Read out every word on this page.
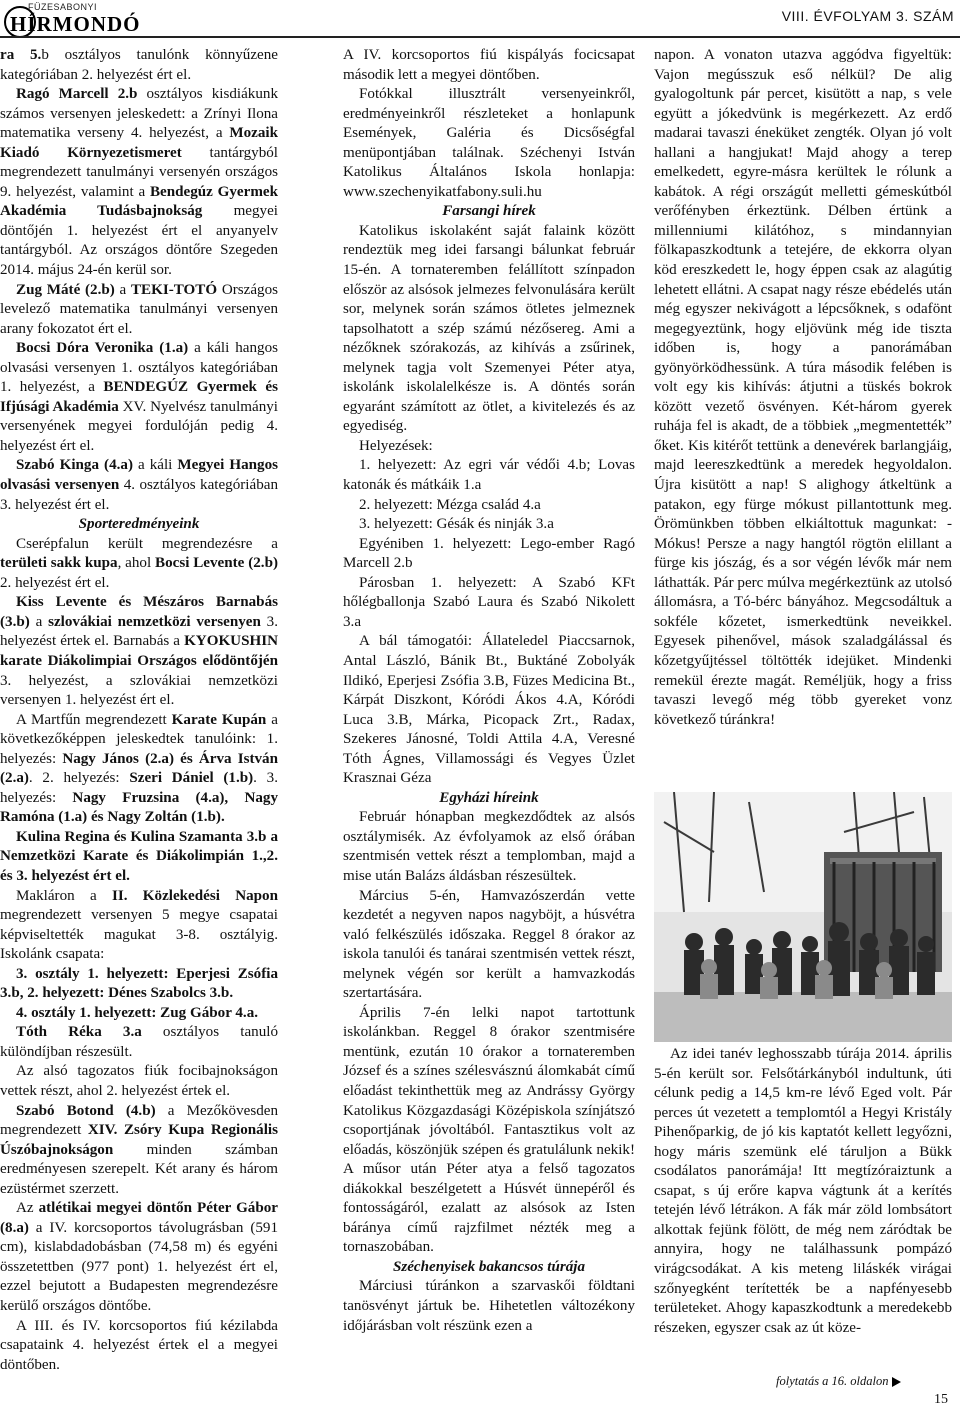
FÜZESABONYI
HÍRMONDÓ	VIII. ÉVFOLYAM 3. SZÁM

ra 5.b osztályos tanulónk könnyűzene kategóriában 2. helyezést ért el.

Ragó Marcell 2.b osztályos kisdiákunk számos versenyen jeleskedett: a Zrínyi Ilona matematika verseny 4. helyezést, a Mozaik Kiadó Környezetismeret tantárgyból megrendezett tanulmányi versenyén országos 9. helyezést, valamint a Bendegúz Gyermek Akadémia Tudásbajnokság megyei döntőjén 1. helyezést ért el anyanyelv tantárgyból. Az országos döntőre Szegeden 2014. május 24-én kerül sor.

Zug Máté (2.b) a TEKI-TOTÓ Országos levelező matematika tanulmányi versenyen arany fokozatot ért el.

Bocsi Dóra Veronika (1.a) a káli hangos olvasási versenyen 1. osztályos kategóriában 1. helyezést, a BENDEGÚZ Gyermek és Ifjúsági Akadémia XV. Nyelvész tanulmányi versenyének megyei fordulóján pedig 4. helyezést ért el.

Szabó Kinga (4.a) a káli Megyei Hangos olvasási versenyen 4. osztályos kategóriában 3. helyezést ért el.

Sporteredményeink

Cserépfalun került megrendezésre a területi sakk kupa, ahol Bocsi Levente (2.b) 2. helyezést ért el.

Kiss Levente és Mészáros Barnabás (3.b) a szlovákiai nemzetközi versenyen 3. helyezést értek el. Barnabás a KYOKUSHIN karate Diákolimpiai Országos elődöntőjén 3. helyezést, a szlovákiai nemzetközi versenyen 1. helyezést ért el.

A Martfűn megrendezett Karate Kupán a következőképpen jeleskedtek tanulóink: 1. helyezés: Nagy János (2.a) és Árva István (2.a). 2. helyezés: Szeri Dániel (1.b). 3. helyezés: Nagy Fruzsina (4.a), Nagy Ramóna (1.a) és Nagy Zoltán (1.b).

Kulina Regina és Kulina Szamanta 3.b a Nemzetközi Karate és Diákolimpián 1.,2. és 3. helyezést ért el.

Makláron a II. Közlekedési Napon megrendezett versenyen 5 megye csapatai képviseltették magukat 3-8. osztályig. Iskolánk csapata:

3. osztály 1. helyezett: Eperjesi Zsófia 3.b, 2. helyezett: Dénes Szabolcs 3.b.

4. osztály 1. helyezett: Zug Gábor 4.a.

Tóth Réka 3.a osztályos tanuló különdíjban részesült.

Az alsó tagozatos fiúk focibajnokságon vettek részt, ahol 2. helyezést értek el.

Szabó Botond (4.b) a Mezőkövesden megrendezett XIV. Zsóry Kupa Regionális Úszóbajnokságon minden számban eredményesen szerepelt. Két arany és három ezüstérmet szerzett.

Az atlétikai megyei döntőn Péter Gábor (8.a) a IV. korcsoportos távolugrásban (591 cm), kislabdadobásban (74,58 m) és egyéni összetettben (977 pont) 1. helyezést ért el, ezzel bejutott a Budapesten megrendezésre kerülő országos döntőbe.

A III. és IV. korcsoportos fiú kézilabda csapataink 4. helyezést értek el a megyei döntőben.

A IV. korcsoportos fiú kispályás focicsapat második lett a megyei döntőben.

Fotókkal illusztrált versenyeinkről, eredményeinkről részleteket a honlapunk Események, Galéria és Dicsőségfal menüpontjában találnak. Széchenyi István Katolikus Általános Iskola honlapja: www.szechenyikatfabony.suli.hu

Farsangi hírek

Katolikus iskolaként saját falaink között rendeztük meg idei farsangi bálunkat február 15-én. A tornateremben felállított színpadon először az alsósok jelmezes felvonulására került sor, melynek során számos ötletes jelmeznek tapsolhatott a szép számú nézősereg. Ami a nézőknek szórakozás, az kihívás a zsűrinek, melynek tagja volt Szemenyei Péter atya, iskolánk iskolalelkésze is. A döntés során egyaránt számított az ötlet, a kivitelezés és az egyediség.

Helyezések:

1. helyezett: Az egri vár védői 4.b; Lovas katonák és mátkáik 1.a

2. helyezett: Mézga család 4.a

3. helyezett: Gésák és ninják 3.a

Egyéniben 1. helyezett: Lego-ember Ragó Marcell 2.b

Párosban 1. helyezett: A Szabó KFt hőlégballonja Szabó Laura és Szabó Nikolett 3.a

A bál támogatói: Állateledel Piaccsarnok, Antal László, Bánik Bt., Buktáné Zobolyák Ildikó, Eperjesi Zsófia 3.B, Füzes Medicina Bt., Kárpát Diszkont, Kóródi Ákos 4.A, Kóródi Luca 3.B, Márka, Picopack Zrt., Radax, Szekeres Jánosné, Toldi Attila 4.A, Veresné Tóth Ágnes, Villamossági és Vegyes Üzlet Krasznai Géza

Egyházi híreink

Február hónapban megkezdődtek az alsós osztálymisék. Az évfolyamok az első órában szentmisén vettek részt a templomban, majd a mise után Balázs áldásban részesültek.

Március 5-én, Hamvazószerdán vette kezdetét a negyven napos nagyböjt, a húsvétra való felkészülés időszaka. Reggel 8 órakor az iskola tanulói és tanárai szentmisén vettek részt, melynek végén sor került a hamvazkodás szertartására.

Április 7-én lelki napot tartottunk iskolánkban. Reggel 8 órakor szentmisére mentünk, ezután 10 órakor a tornateremben József és a színes szélesvásznú álomkabát című előadást tekinthettük meg az Andrássy György Katolikus Közgazdasági Középiskola színjátszó csoportjának jóvoltából. Fantasztikus volt az előadás, köszönjük szépen és gratulálunk nekik! A műsor után Péter atya a felső tagozatos diákokkal beszélgetett a Húsvét ünnepéről és fontosságáról, ezalatt az alsósok az Isten báránya című rajzfilmet nézték meg a tornaszobában.

Széchenyisek bakancsos túrája

Márciusi túránkon a szarvaskői földtani tanösvényt jártuk be. Hihetetlen változékony időjárásban volt részünk ezen a

napon. A vonaton utazva aggódva figyeltük: Vajon megússzuk eső nélkül? De alig gyalogoltunk pár percet, kisütött a nap, s vele együtt a jókedvünk is megérkezett. Az erdő madarai tavaszi éneküket zengték. Olyan jó volt hallani a hangjukat! Majd ahogy a terep emelkedett, egyre-másra kerültek le rólunk a kabátok. A régi országút melletti gémeskútból verőfényben érkeztünk. Délben értünk a millenniumi kilátóhoz, s mindannyian fölkapaszkodtunk a tetejére, de ekkorra olyan köd ereszkedett le, hogy éppen csak az alagútig lehetett ellátni. A csapat nagy része ebédelés után még egyszer nekivágott a lépcsőknek, s odafönt megegyeztünk, hogy eljövünk még ide tiszta időben is, hogy a panorámában gyönyörködhessünk. A túra második felében is volt egy kis kihívás: átjutni a tüskés bokrok között vezető ösvényen. Két-három gyerek ruhája fel is akadt, de a többiek „megmentették” őket. Kis kitérőt tettünk a denevérek barlangjáig, majd leereszkedtünk a meredek hegyoldalon. Újra kisütött a nap! S alighogy átkeltünk a patakon, egy fürge mókust pillantottunk meg. Örömünkben többen elkiáltottuk magunkat: - Mókus! Persze a nagy hangtól rögtön elillant a fürge kis jószág, és a sor végén lévők már nem láthatták. Pár perc múlva megérkeztünk az utolsó állomásra, a Tó-bérc bányához. Megcsodáltuk a sokféle kőzetet, ismerkedtünk neveikkel. Egyesek pihenővel, mások szaladgálással és kőzetgyűjtéssel töltötték idejüket. Mindenki remekül érezte magát. Reméljük, hogy a friss tavaszi levegő még több gyereket vonz következő túránkra!

Az idei tanév leghosszabb túrája 2014. április 5-én került sor. Felsőtárkányból indultunk, úti célunk pedig a 14,5 km-re lévő Eged volt. Pár perces út vezetett a templomtól a Hegyi Kristály Pihenőparkig, de jó kis kaptatót kellett legyőzni, hogy máris szemünk elé táruljon a Bükk csodálatos panorámája! Itt megtízóraiztunk a csapat, s új erőre kapva vágtunk át a kerítés tetején lévő létrákon. A fák már zöld lombsátort alkottak fejünk fölött, de még nem záródtak be annyira, hogy ne találhassunk pompázó virágcsodákat. A kis meteng liláskék virágai szőnyegként terítették be a napfényesebb területeket. Ahogy kapaszkodtunk a meredekebb részeken, egyszer csak az út köze-

folytatás a 16. oldalon
15
